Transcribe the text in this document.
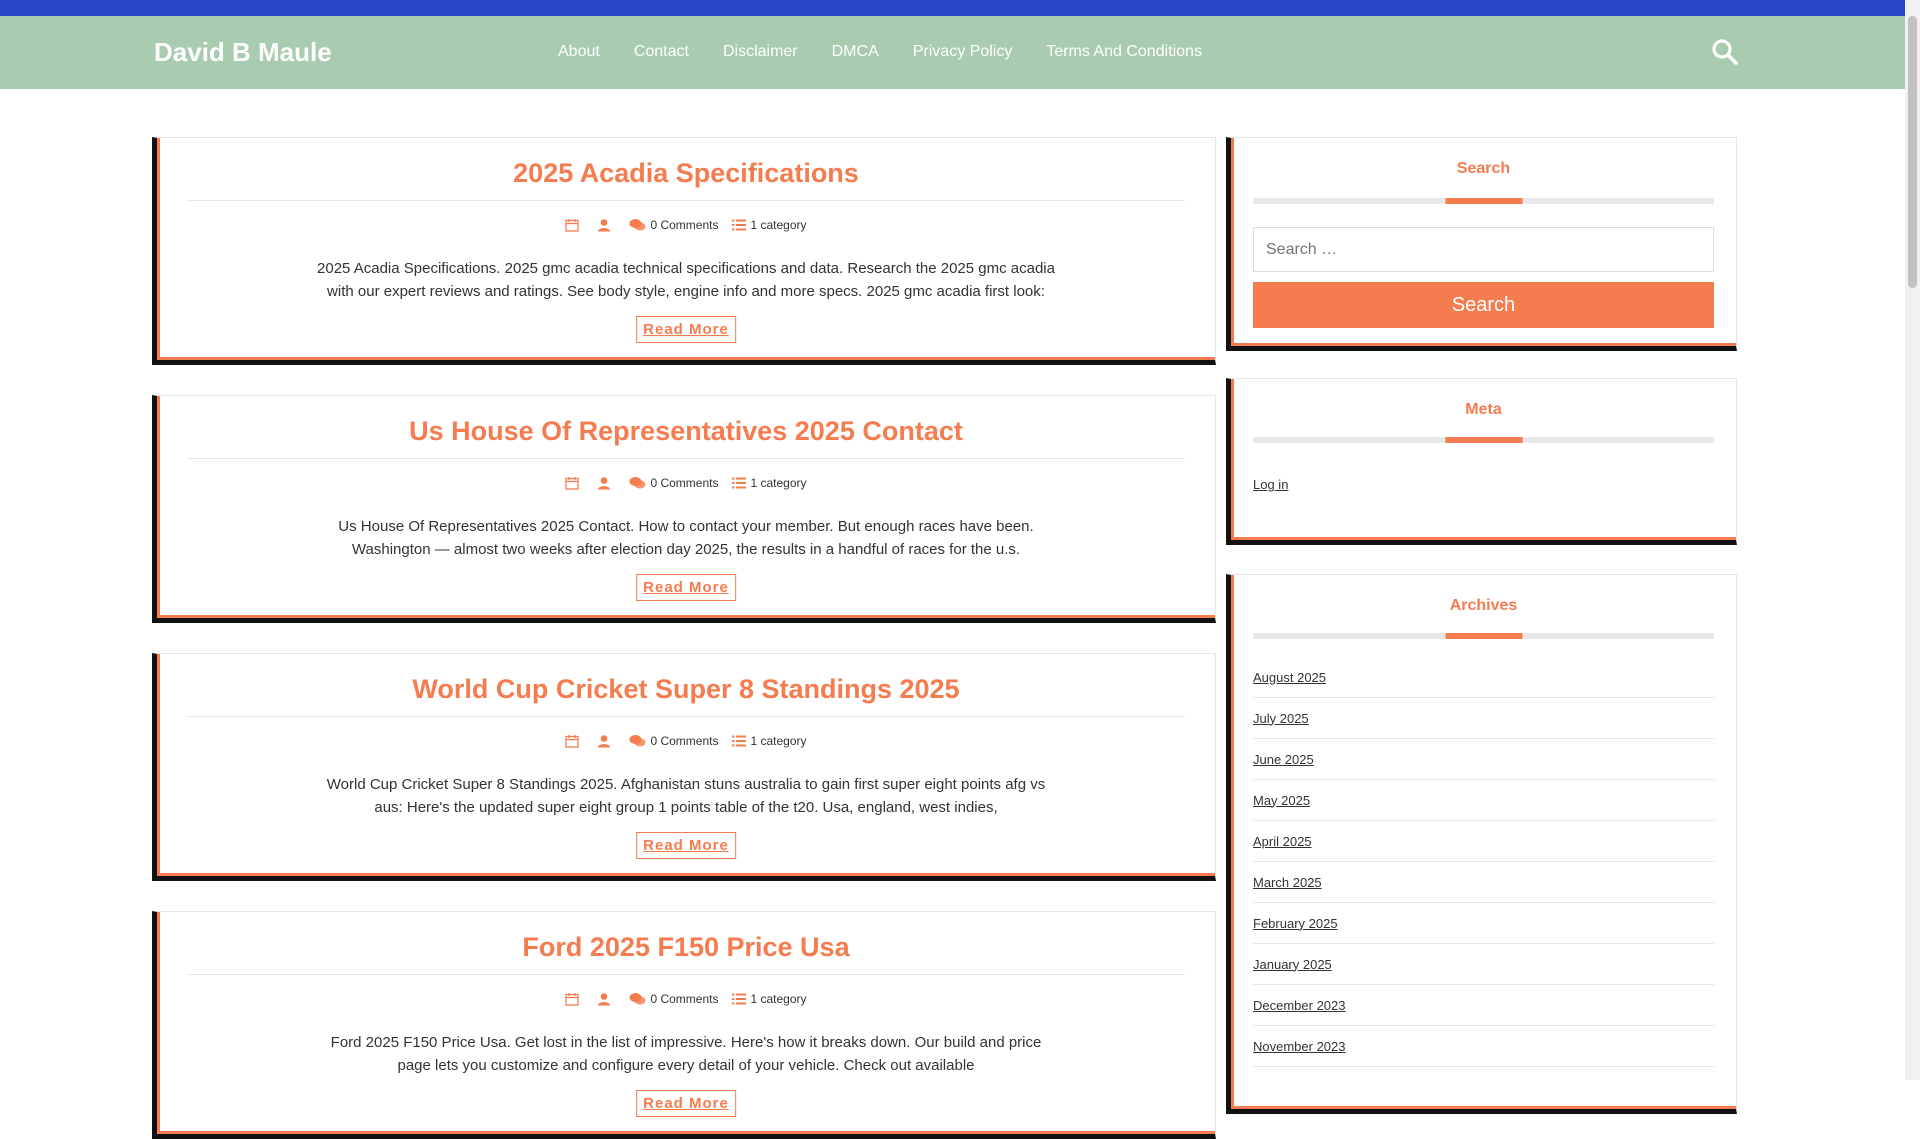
David B Maule	About Contact Disclaimer DMCA Privacy Policy Terms And Conditions
2025 Acadia Specifications
0 Comments	1 category

2025 Acadia Specifications. 2025 gmc acadia technical specifications and data. Research the 2025 gmc acadia with our expert reviews and ratings. See body style, engine info and more specs. 2025 gmc acadia first look:

Read More
Us House Of Representatives 2025 Contact
0 Comments	1 category

Us House Of Representatives 2025 Contact. How to contact your member. But enough races have been. Washington — almost two weeks after election day 2025, the results in a handful of races for the u.s.

Read More
World Cup Cricket Super 8 Standings 2025
0 Comments	1 category

World Cup Cricket Super 8 Standings 2025. Afghanistan stuns australia to gain first super eight points afg vs aus: Here's the updated super eight group 1 points table of the t20. Usa, england, west indies,

Read More
Ford 2025 F150 Price Usa
0 Comments	1 category

Ford 2025 F150 Price Usa. Get lost in the list of impressive. Here's how it breaks down. Our build and price page lets you customize and configure every detail of your vehicle. Check out available

Read More
Search
Search …
Search
Meta
Log in
Archives
August 2025
July 2025
June 2025
May 2025
April 2025
March 2025
February 2025
January 2025
December 2023
November 2023
